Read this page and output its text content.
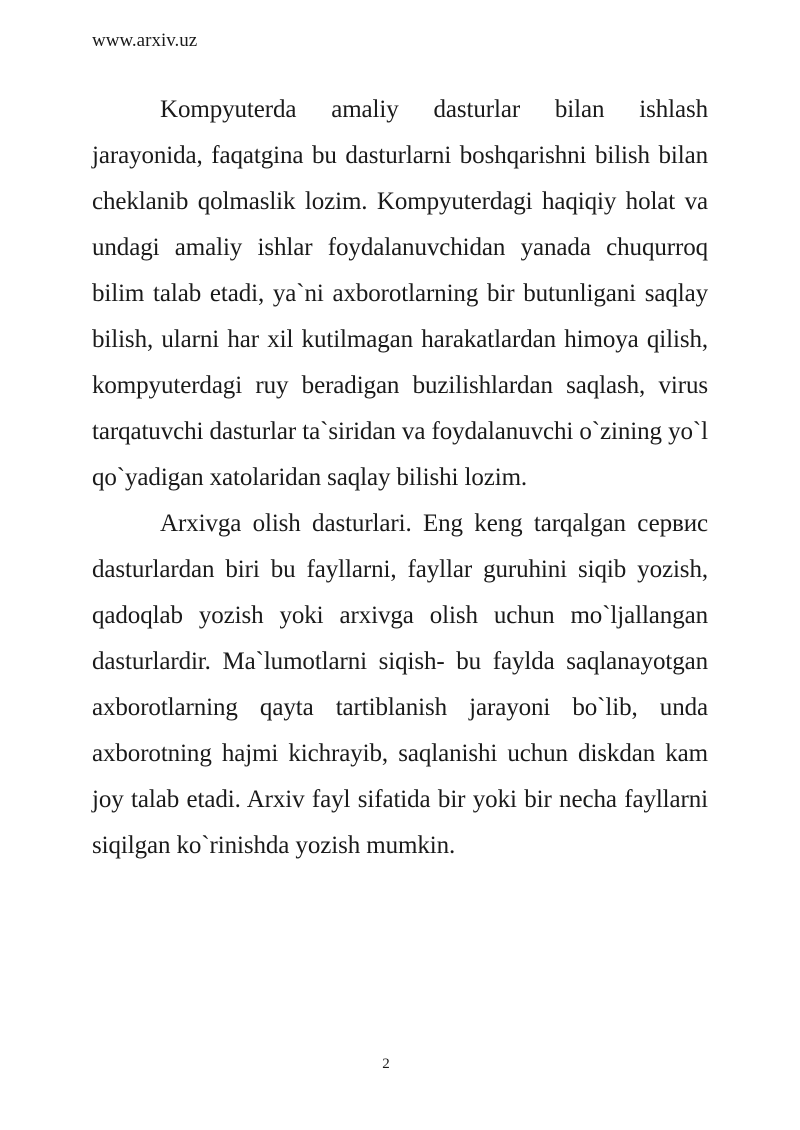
www.arxiv.uz

Kompyuterda amaliy dasturlar bilan ishlash jarayonida, faqatgina bu dasturlarni boshqarishni bilish bilan cheklanib qolmaslik lozim. Kompyuterdagi haqiqiy holat va undagi amaliy ishlar foydalanuvchidan yanada chuqurroq bilim talab etadi, ya`ni axborotlarning bir butunligani saqlay bilish, ularni har xil kutilmagan harakatlardan himoya qilish, kompyuterdagi ruy beradigan buzilishlardan saqlash, virus tarqatuvchi dasturlar ta`siridan va foydalanuvchi o`zining yo`l qo`yadigan xatolaridan saqlay bilishi lozim.

Arxivga olish dasturlari. Eng keng tarqalgan сервис dasturlardan biri bu fayllarni, fayllar guruhini siqib yozish, qadoqlab yozish yoki arxivga olish uchun mo`ljallangan dasturlardir. Ma`lumotlarni siqish- bu faylda saqlanayotgan axborotlarning qayta tartiblanish jarayoni bo`lib, unda axborotning hajmi kichrayib, saqlanishi uchun diskdan kam joy talab etadi. Arxiv fayl sifatida bir yoki bir necha fayllarni siqilgan ko`rinishda yozish mumkin.

2
